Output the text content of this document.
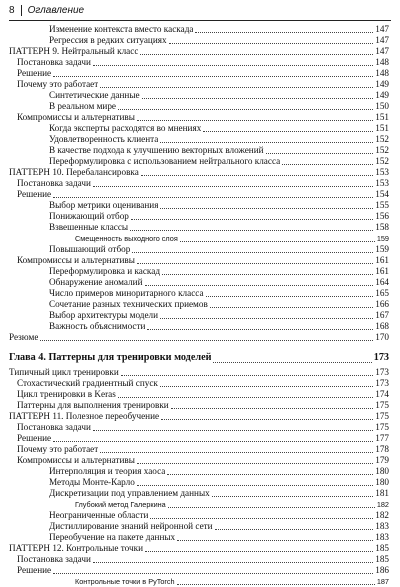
8 Оглавление
Изменение контекста вместо каскада	147
Регрессия в редких ситуациях	147
ПАТТЕРН 9. Нейтральный класс	147
Постановка задачи	148
Решение	148
Почему это работает	149
Синтетические данные	149
В реальном мире	150
Компромиссы и альтернативы	151
Когда эксперты расходятся во мнениях	151
Удовлетворенность клиента	152
В качестве подхода к улучшению векторных вложений	152
Переформулировка с использованием нейтрального класса	152
ПАТТЕРН 10. Перебалансировка	153
Постановка задачи	153
Решение	154
Выбор метрики оценивания	155
Понижающий отбор	156
Взвешенные классы	158
Смещенность выходного слоя	159
Повышающий отбор	159
Компромиссы и альтернативы	161
Переформулировка и каскад	161
Обнаружение аномалий	164
Число примеров миноритарного класса	165
Сочетание разных технических приемов	166
Выбор архитектуры модели	167
Важность объяснимости	168
Резюме	170
Глава 4. Паттерны для тренировки моделей	173
Типичный цикл тренировки	173
Стохастический градиентный спуск	173
Цикл тренировки в Keras	174
Паттерны для выполнения тренировки	175
ПАТТЕРН 11. Полезное переобучение	175
Постановка задачи	175
Решение	177
Почему это работает	178
Компромиссы и альтернативы	179
Интерполяция и теория хаоса	180
Методы Монте-Карло	180
Дискретизации под управлением данных	181
Глубокий метод Галеркина	182
Неограниченные области	182
Дистиллирование знаний нейронной сети	183
Переобучение на пакете данных	183
ПАТТЕРН 12. Контрольные точки	185
Постановка задачи	185
Решение	186
Контрольные точки в PyTorch	187
